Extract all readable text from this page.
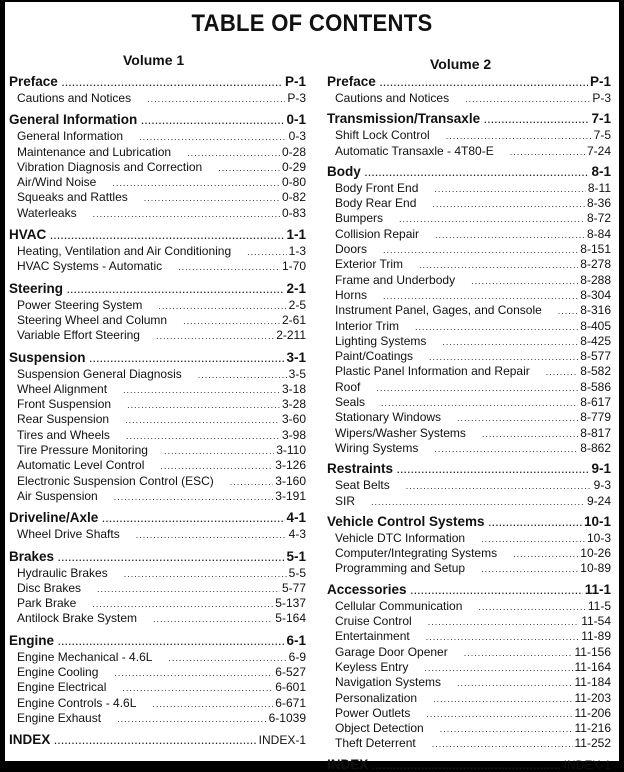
TABLE OF CONTENTS
Volume 1	Volume 2
Preface .....	P-1
Cautions and Notices .....	P-3
General Information .....	0-1
General Information .....	0-3
Maintenance and Lubrication .....	0-28
Vibration Diagnosis and Correction .....	0-29
Air/Wind Noise .....	0-80
Squeaks and Rattles .....	0-82
Waterleaks .....	0-83
HVAC .....	1-1
Heating, Ventilation and Air Conditioning .....	1-3
HVAC Systems - Automatic .....	1-70
Steering .....	2-1
Power Steering System .....	2-5
Steering Wheel and Column .....	2-61
Variable Effort Steering .....	2-211
Suspension .....	3-1
Suspension General Diagnosis .....	3-5
Wheel Alignment .....	3-18
Front Suspension .....	3-28
Rear Suspension .....	3-60
Tires and Wheels .....	3-98
Tire Pressure Monitoring .....	3-110
Automatic Level Control .....	3-126
Electronic Suspension Control (ESC) .....	3-160
Air Suspension .....	3-191
Driveline/Axle .....	4-1
Wheel Drive Shafts .....	4-3
Brakes .....	5-1
Hydraulic Brakes .....	5-5
Disc Brakes .....	5-77
Park Brake .....	5-137
Antilock Brake System .....	5-164
Engine .....	6-1
Engine Mechanical - 4.6L .....	6-9
Engine Cooling .....	6-527
Engine Electrical .....	6-601
Engine Controls - 4.6L .....	6-671
Engine Exhaust .....	6-1039
INDEX .....	INDEX-1
Preface .....	P-1
Cautions and Notices .....	P-3
Transmission/Transaxle .....	7-1
Shift Lock Control .....	7-5
Automatic Transaxle - 4T80-E .....	7-24
Body .....	8-1
Body Front End .....	8-11
Body Rear End .....	8-36
Bumpers .....	8-72
Collision Repair .....	8-84
Doors .....	8-151
Exterior Trim .....	8-278
Frame and Underbody .....	8-288
Horns .....	8-304
Instrument Panel, Gages, and Console .....	8-316
Interior Trim .....	8-405
Lighting Systems .....	8-425
Paint/Coatings .....	8-577
Plastic Panel Information and Repair .....	8-582
Roof .....	8-586
Seals .....	8-617
Stationary Windows .....	8-779
Wipers/Washer Systems .....	8-817
Wiring Systems .....	8-862
Restraints .....	9-1
Seat Belts .....	9-3
SIR .....	9-24
Vehicle Control Systems .....	10-1
Vehicle DTC Information .....	10-3
Computer/Integrating Systems .....	10-26
Programming and Setup .....	10-89
Accessories .....	11-1
Cellular Communication .....	11-5
Cruise Control .....	11-54
Entertainment .....	11-89
Garage Door Opener .....	11-156
Keyless Entry .....	11-164
Navigation Systems .....	11-184
Personalization .....	11-203
Power Outlets .....	11-206
Object Detection .....	11-216
Theft Deterrent .....	11-252
INDEX .....	INDEX-1
